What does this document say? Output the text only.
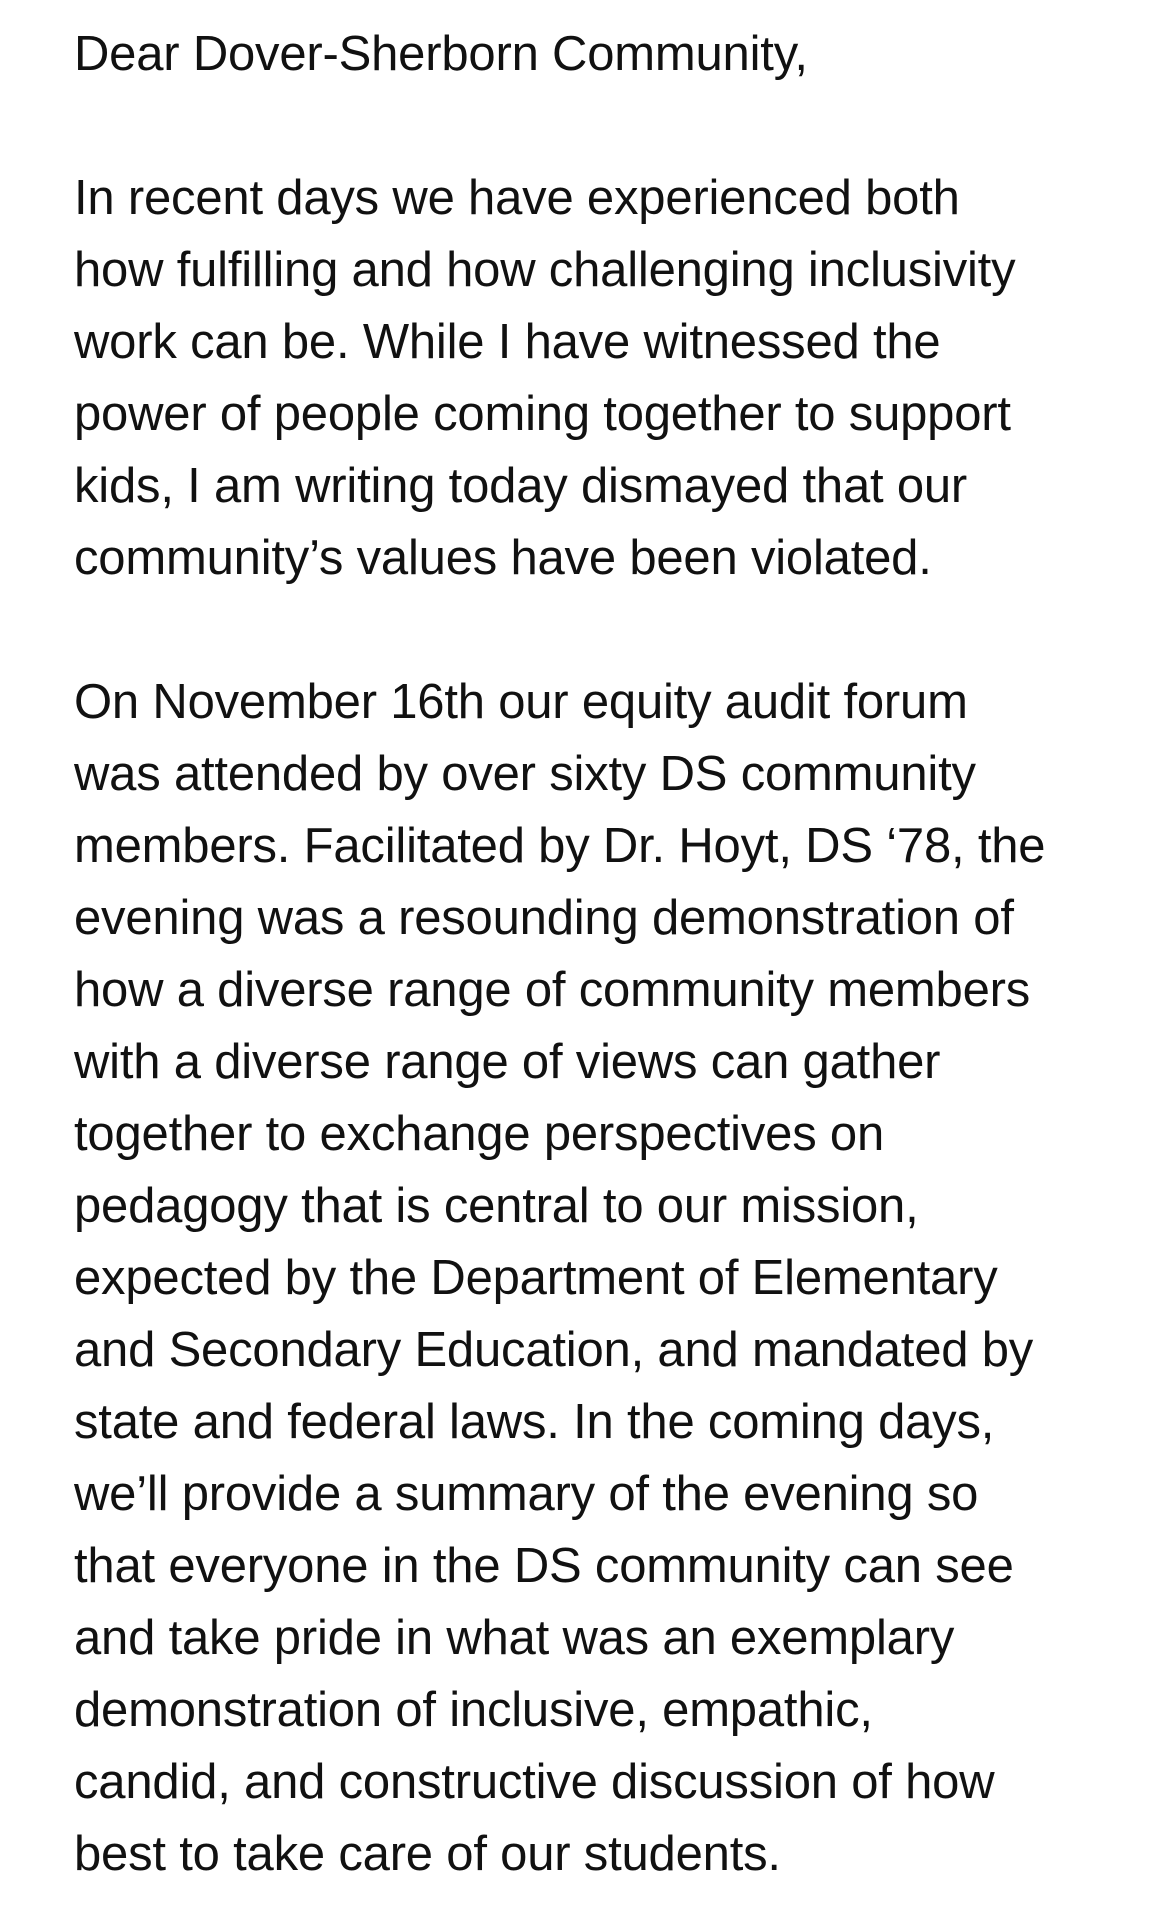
Dear Dover-Sherborn Community,
In recent days we have experienced both
how fulfilling and how challenging inclusivity
work can be. While I have witnessed the
power of people coming together to support
kids, I am writing today dismayed that our
community’s values have been violated.
On November 16th our equity audit forum
was attended by over sixty DS community
members. Facilitated by Dr. Hoyt, DS ‘78, the
evening was a resounding demonstration of
how a diverse range of community members
with a diverse range of views can gather
together to exchange perspectives on
pedagogy that is central to our mission,
expected by the Department of Elementary
and Secondary Education, and mandated by
state and federal laws. In the coming days,
we’ll provide a summary of the evening so
that everyone in the DS community can see
and take pride in what was an exemplary
demonstration of inclusive, empathic,
candid, and constructive discussion of how
best to take care of our students.
